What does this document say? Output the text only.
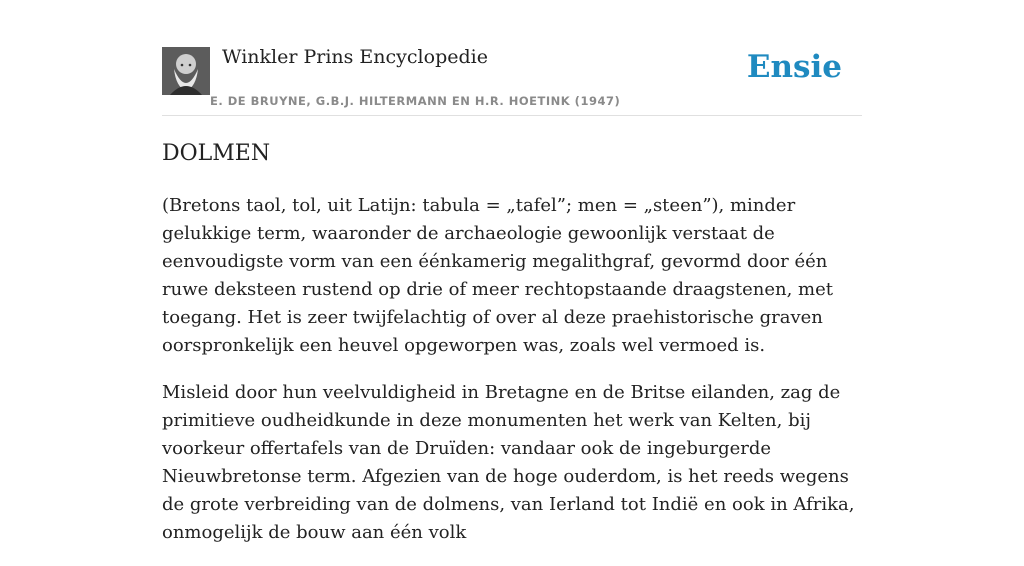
Winkler Prins Encyclopedie
E. DE BRUYNE, G.B.J. HILTERMANN EN H.R. HOETINK (1947)
Ensie
DOLMEN

(Bretons taol, tol, uit Latijn: tabula = „tafel”; men = „steen”), minder gelukkige term, waaronder de archaeologie gewoonlijk verstaat de eenvoudigste vorm van een éénkamerig megalithgraf, gevormd door één ruwe deksteen rustend op drie of meer rechtopstaande draagstenen, met toegang. Het is zeer twijfelachtig of over al deze praehistorische graven oorspronkelijk een heuvel opgeworpen was, zoals wel vermoed is.

Misleid door hun veelvuldigheid in Bretagne en de Britse eilanden, zag de primitieve oudheidkunde in deze monumenten het werk van Kelten, bij voorkeur offertafels van de Druïden: vandaar ook de ingeburgerde Nieuwbretonse term. Afgezien van de hoge ouderdom, is het reeds wegens de grote verbreiding van de dolmens, van Ierland tot Indië en ook in Afrika, onmogelijk de bouw aan één volk
